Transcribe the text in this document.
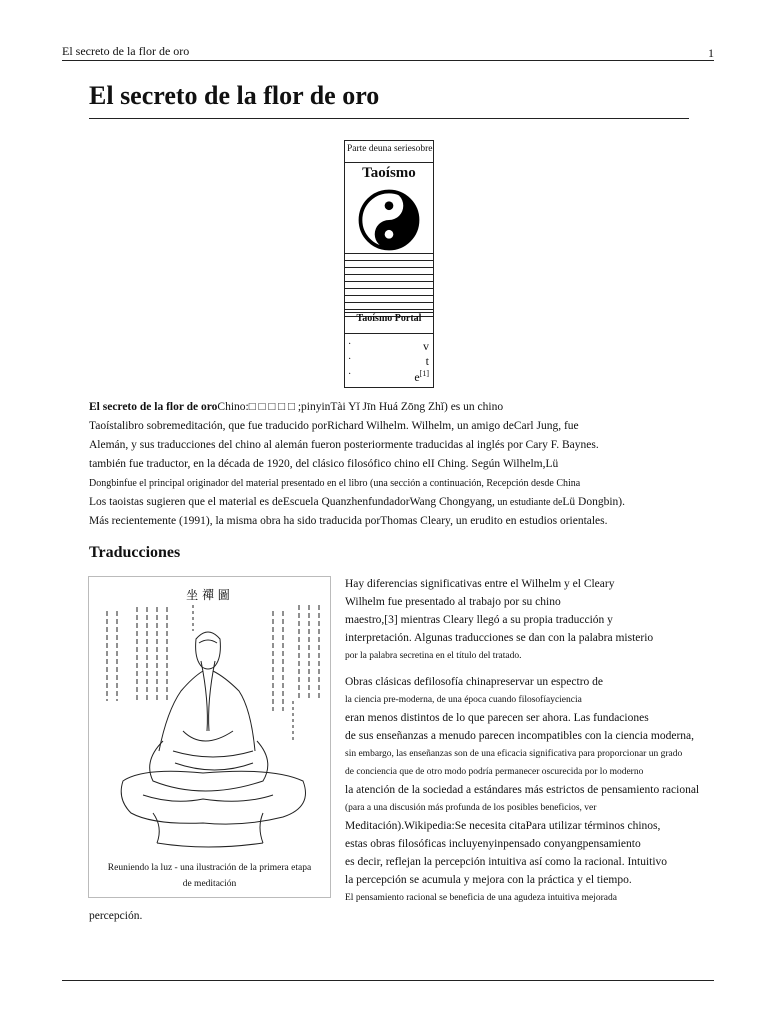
El secreto de la flor de oro	1
El secreto de la flor de oro
Parte deuna seriesobre
Taoísmo
Taoísmo Portal
·	v
·	t
·	e[1]

El secreto de la flor de oroChino:□ □ □ □ □ ;pinyinTài Yǐ Jīn Huá Zōng Zhǐ) es un chino

Taoístalibro sobremeditación, que fue traducido porRichard Wilhelm. Wilhelm, un amigo deCarl Jung, fue

Alemán, y sus traducciones del chino al alemán fueron posteriormente traducidas al inglés por Cary F. Baynes.

también fue traductor, en la década de 1920, del clásico filosófico chino elI Ching. Según Wilhelm,Lü

Dongbinfue el principal originador del material presentado en el libro (una sección a continuación, Recepción desde China

Los taoistas sugieren que el material es deEscuela QuanzhenfundadorWang Chongyang, un estudiante deLü Dongbin).

Más recientemente (1991), la misma obra ha sido traducida porThomas Cleary, un erudito en estudios orientales.

Traducciones
坐 禪 圖
Reuniendo la luz - una ilustración de la primera etapa
de meditación

Hay diferencias significativas entre el Wilhelm y el Cleary

Wilhelm fue presentado al trabajo por su chino

maestro,[3] mientras Cleary llegó a su propia traducción y

interpretación. Algunas traducciones se dan con la palabra misterio

por la palabra secretina en el título del tratado.

Obras clásicas defilosofía chinapreservar un espectro de

la ciencia pre-moderna, de una época cuando filosofíayciencia

eran menos distintos de lo que parecen ser ahora. Las fundaciones

de sus enseñanzas a menudo parecen incompatibles con la ciencia moderna,

sin embargo, las enseñanzas son de una eficacia significativa para proporcionar un grado

de conciencia que de otro modo podría permanecer oscurecida por lo moderno

la atención de la sociedad a estándares más estrictos de pensamiento racional

(para a una discusión más profunda de los posibles beneficios, ver

Meditación).Wikipedia:Se necesita citaPara utilizar términos chinos,

estas obras filosóficas incluyenyinpensado conyangpensamiento

es decir, reflejan la percepción intuitiva así como la racional. Intuitivo

la percepción se acumula y mejora con la práctica y el tiempo.

El pensamiento racional se beneficia de una agudeza intuitiva mejorada

percepción.
